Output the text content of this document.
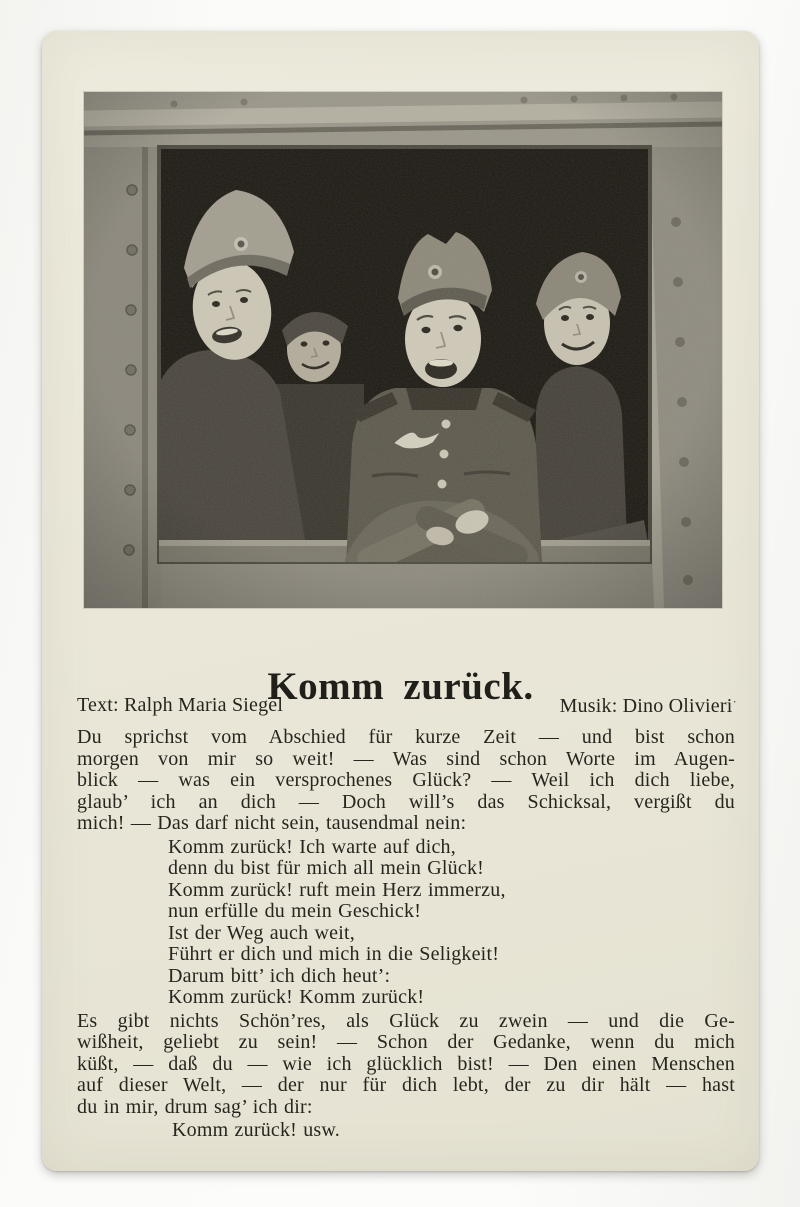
Komm zurück.
Text: Ralph Maria Siegel	Musik: Dino Olivieri·
Du sprichst vom Abschied für kurze Zeit — und bist schon
morgen von mir so weit! — Was sind schon Worte im Augen-
blick — was ein versprochenes Glück? — Weil ich dich liebe,
glaub’ ich an dich — Doch will’s das Schicksal, vergißt du
mich! — Das darf nicht sein, tausendmal nein:
Komm zurück! Ich warte auf dich,
denn du bist für mich all mein Glück!
Komm zurück! ruft mein Herz immerzu,
nun erfülle du mein Geschick!
Ist der Weg auch weit,
Führt er dich und mich in die Seligkeit!
Darum bitt’ ich dich heut’:
Komm zurück! Komm zurück!
Es gibt nichts Schön’res, als Glück zu zwein — und die Ge-
wißheit, geliebt zu sein! — Schon der Gedanke, wenn du mich
küßt, — daß du — wie ich glücklich bist! — Den einen Menschen
auf dieser Welt, — der nur für dich lebt, der zu dir hält — hast
du in mir, drum sag’ ich dir:
Komm zurück! usw.
